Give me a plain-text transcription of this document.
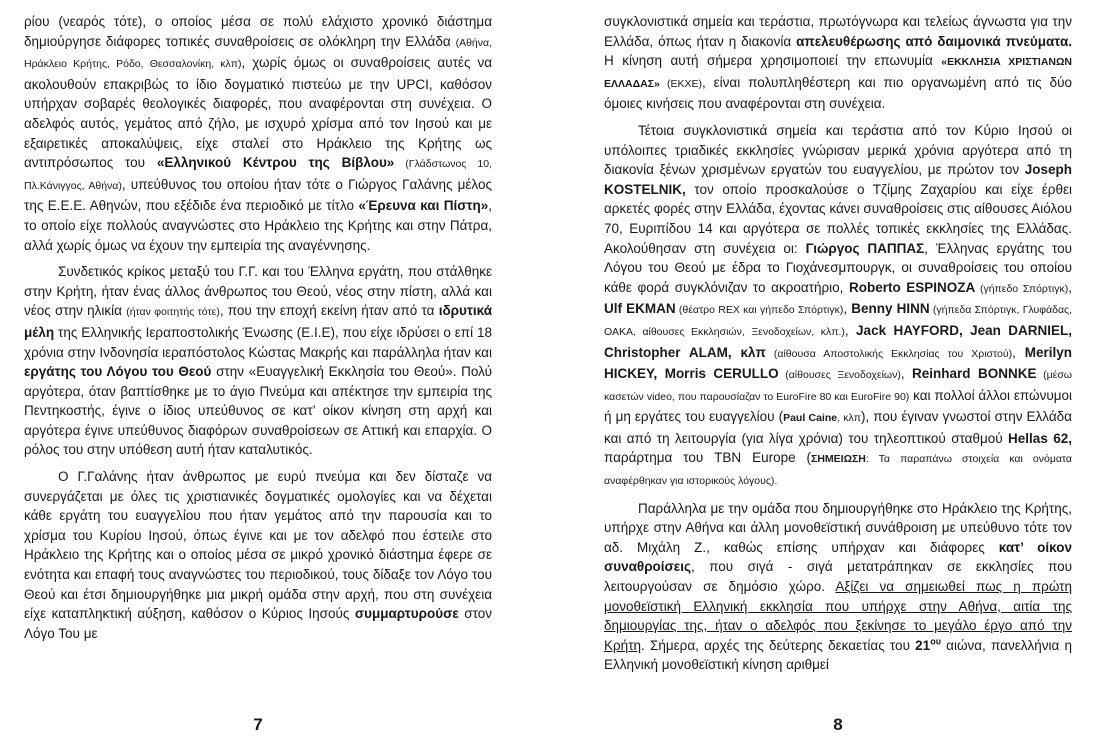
ρίου (νεαρός τότε), ο οποίος μέσα σε πολύ ελάχιστο χρονικό διάστημα δημιούργησε διάφορες τοπικές συναθροίσεις σε ολόκληρη την Ελλάδα (Αθήνα, Ηράκλειο Κρήτης, Ρόδο, Θεσσαλονίκη, κλπ), χωρίς όμως οι συναθροίσεις αυτές να ακολουθούν επακριβώς το ίδιο δογματικό πιστεύω με την UPCI, καθόσον υπήρχαν σοβαρές θεολογικές διαφορές, που αναφέρονται στη συνέχεια. Ο αδελφός αυτός, γεμάτος από ζήλο, με ισχυρό χρίσμα από τον Ιησού και με εξαιρετικές αποκαλύψεις, είχε σταλεί στο Ηράκλειο της Κρήτης ως αντιπρόσωπος του «Ελληνικού Κέντρου της Βίβλου» (Γλάδστωνος 10, Πλ.Κάνιγγος, Αθήνα), υπεύθυνος του οποίου ήταν τότε ο Γιώργος Γαλάνης μέλος της Ε.Ε.Ε. Αθηνών, που εξέδιδε ένα περιοδικό με τίτλο «Έρευνα και Πίστη», το οποίο είχε πολλούς αναγνώστες στο Ηράκλειο της Κρήτης και στην Πάτρα, αλλά χωρίς όμως να έχουν την εμπειρία της αναγέννησης.

Συνδετικός κρίκος μεταξύ του Γ.Γ. και του Έλληνα εργάτη, που στάλθηκε στην Κρήτη, ήταν ένας άλλος άνθρωπος του Θεού, νέος στην πίστη, αλλά και νέος στην ηλικία (ήταν φοιτητής τότε), που την εποχή εκείνη ήταν από τα ιδρυτικά μέλη της Ελληνικής Ιεραποστολικής Ένωσης (Ε.Ι.Ε), που είχε ιδρύσει ο επί 18 χρόνια στην Ινδονησία ιεραπόστολος Κώστας Μακρής και παράλληλα ήταν και εργάτης του Λόγου του Θεού στην «Ευαγγελική Εκκλησία του Θεού». Πολύ αργότερα, όταν βαπτίσθηκε με το άγιο Πνεύμα και απέκτησε την εμπειρία της Πεντηκοστής, έγινε ο ίδιος υπεύθυνος σε κατ’ οίκον κίνηση στη αρχή και αργότερα έγινε υπεύθυνος διαφόρων συναθροίσεων σε Αττική και επαρχία. Ο ρόλος του στην υπόθεση αυτή ήταν καταλυτικός.

Ο Γ.Γαλάνης ήταν άνθρωπος με ευρύ πνεύμα και δεν δίσταζε να συνεργάζεται με όλες τις χριστιανικές δογματικές ομολογίες και να δέχεται κάθε εργάτη του ευαγγελίου που ήταν γεμάτος από την παρουσία και το χρίσμα του Κυρίου Ιησού, όπως έγινε και με τον αδελφό που έστειλε στο Ηράκλειο της Κρήτης και ο οποίος μέσα σε μικρό χρονικό διάστημα έφερε σε ενότητα και επαφή τους αναγνώστες του περιοδικού, τους δίδαξε τον Λόγο του Θεού και έτσι δημιουργήθηκε μια μικρή ομάδα στην αρχή, που στη συνέχεια είχε καταπληκτική αύξηση, καθόσον ο Κύριος Ιησούς συμμαρτυρούσε στον Λόγο Του με

7

συγκλονιστικά σημεία και τεράστια, πρωτόγνωρα και τελείως άγνωστα για την Ελλάδα, όπως ήταν η διακονία απελευθέρωσης από δαιμονικά πνεύματα. Η κίνηση αυτή σήμερα χρησιμοποιεί την επωνυμία «ΕΚΚΛΗΣΙΑ ΧΡΙΣΤΙΑΝΩΝ ΕΛΛΑΔΑΣ» (ΕΚΧΕ), είναι πολυπληθέστερη και πιο οργανωμένη από τις δύο όμοιες κινήσεις που αναφέρονται στη συνέχεια.

Τέτοια συγκλονιστικά σημεία και τεράστια από τον Κύριο Ιησού οι υπόλοιπες τριαδικές εκκλησίες γνώρισαν μερικά χρόνια αργότερα από τη διακονία ξένων χρισμένων εργατών του ευαγγελίου, με πρώτον τον Joseph KOSTELNIK, τον οποίο προσκαλούσε ο Τζίμης Ζαχαρίου και είχε έρθει αρκετές φορές στην Ελλάδα, έχοντας κάνει συναθροίσεις στις αίθουσες Αιόλου 70, Ευριπίδου 14 και αργότερα σε πολλές τοπικές εκκλησίες της Ελλάδας. Ακολούθησαν στη συνέχεια οι: Γιώργος ΠΑΠΠΑΣ, Έλληνας εργάτης του Λόγου του Θεού με έδρα το Γιοχάνεσμπουργκ, οι συναθροίσεις του οποίου κάθε φορά συγκλόνιζαν το ακροατήριο, Roberto ESPINOZA (γήπεδο Σπόρτιγκ), Ulf EKMAN (θέατρο REX και γήπεδο Σπόρτιγκ), Benny HINN (γήπεδα Σπόρτιγκ, Γλυφάδας, ΟΑΚΑ, αίθουσες Εκκλησιών, Ξενοδοχείων, κλπ.), Jack HAYFORD, Jean DARNIEL, Christopher ALAM, κλπ (αίθουσα Αποστολικής Εκκλησίας του Χριστού), Merilyn HICKEY, Morris CERULLO (αίθουσες Ξενοδοχείων), Reinhard BONNKE (μέσω κασετών video, που παρουσίαζαν το EuroFire 80 και EuroFire 90) και πολλοί άλλοι επώνυμοι ή μη εργάτες του ευαγγελίου (Paul Caine, κλπ), που έγιναν γνωστοί στην Ελλάδα και από τη λειτουργία (για λίγα χρόνια) του τηλεοπτικού σταθμού Hellas 62, παράρτημα του TBN Europe (ΣΗΜΕΙΩΣΗ: Τα παραπάνω στοιχεία και ονόματα αναφέρθηκαν για ιστορικούς λόγους).

Παράλληλα με την ομάδα που δημιουργήθηκε στο Ηράκλειο της Κρήτης, υπήρχε στην Αθήνα και άλλη μονοθεϊστική συνάθροιση με υπεύθυνο τότε τον αδ. Μιχάλη Ζ., καθώς επίσης υπήρχαν και διάφορες κατ’ οίκον συναθροίσεις, που σιγά - σιγά μετατράπηκαν σε εκκλησίες που λειτουργούσαν σε δημόσιο χώρο. Αξίζει να σημειωθεί πως η πρώτη μονοθεϊστική Ελληνική εκκλησία που υπήρχε στην Αθήνα, αιτία της δημιουργίας της, ήταν ο αδελφός που ξεκίνησε το μεγάλο έργο από την Κρήτη. Σήμερα, αρχές της δεύτερης δεκαετίας του $21^{o\upsilon}$ αιώνα, πανελλήνια η Ελληνική μονοθεϊστική κίνηση αριθμεί

8
